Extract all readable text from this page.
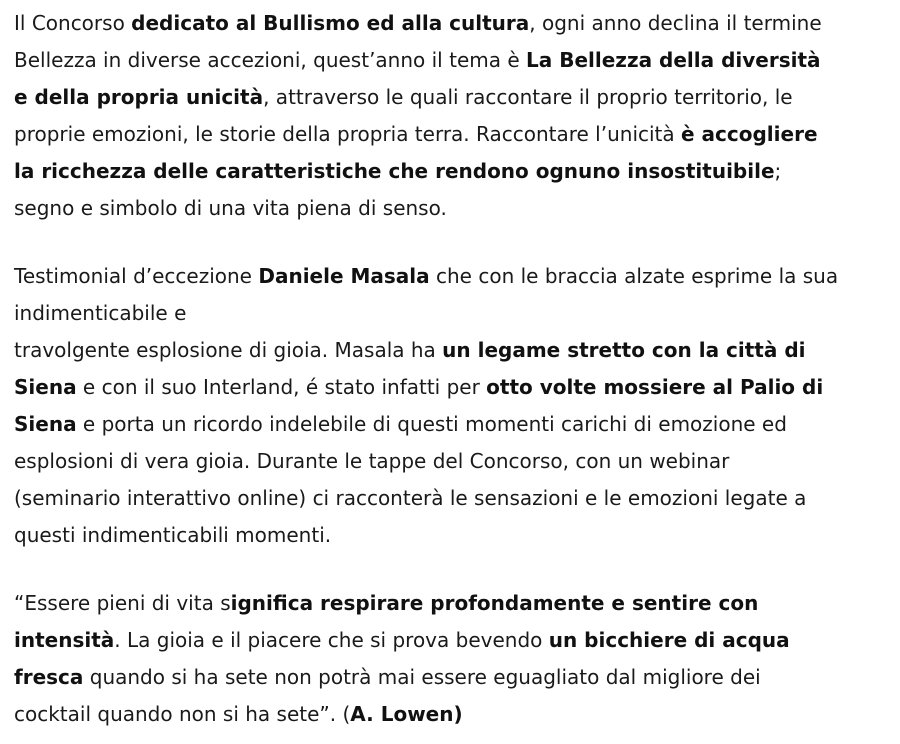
Il Concorso dedicato al Bullismo ed alla cultura, ogni anno declina il termine
Bellezza in diverse accezioni, quest’anno il tema è La Bellezza della diversità
e della propria unicità, attraverso le quali raccontare il proprio territorio, le
proprie emozioni, le storie della propria terra. Raccontare l’unicità è accogliere
la ricchezza delle caratteristiche che rendono ognuno insostituibile;
segno e simbolo di una vita piena di senso.

Testimonial d’eccezione Daniele Masala che con le braccia alzate esprime la sua
indimenticabile e
travolgente esplosione di gioia. Masala ha un legame stretto con la città di
Siena e con il suo Interland, é stato infatti per otto volte mossiere al Palio di
Siena e porta un ricordo indelebile di questi momenti carichi di emozione ed
esplosioni di vera gioia. Durante le tappe del Concorso, con un webinar
(seminario interattivo online) ci racconterà le sensazioni e le emozioni legate a
questi indimenticabili momenti.

“Essere pieni di vita significa respirare profondamente e sentire con
intensità. La gioia e il piacere che si prova bevendo un bicchiere di acqua
fresca quando si ha sete non potrà mai essere eguagliato dal migliore dei
cocktail quando non si ha sete”. (A. Lowen)
